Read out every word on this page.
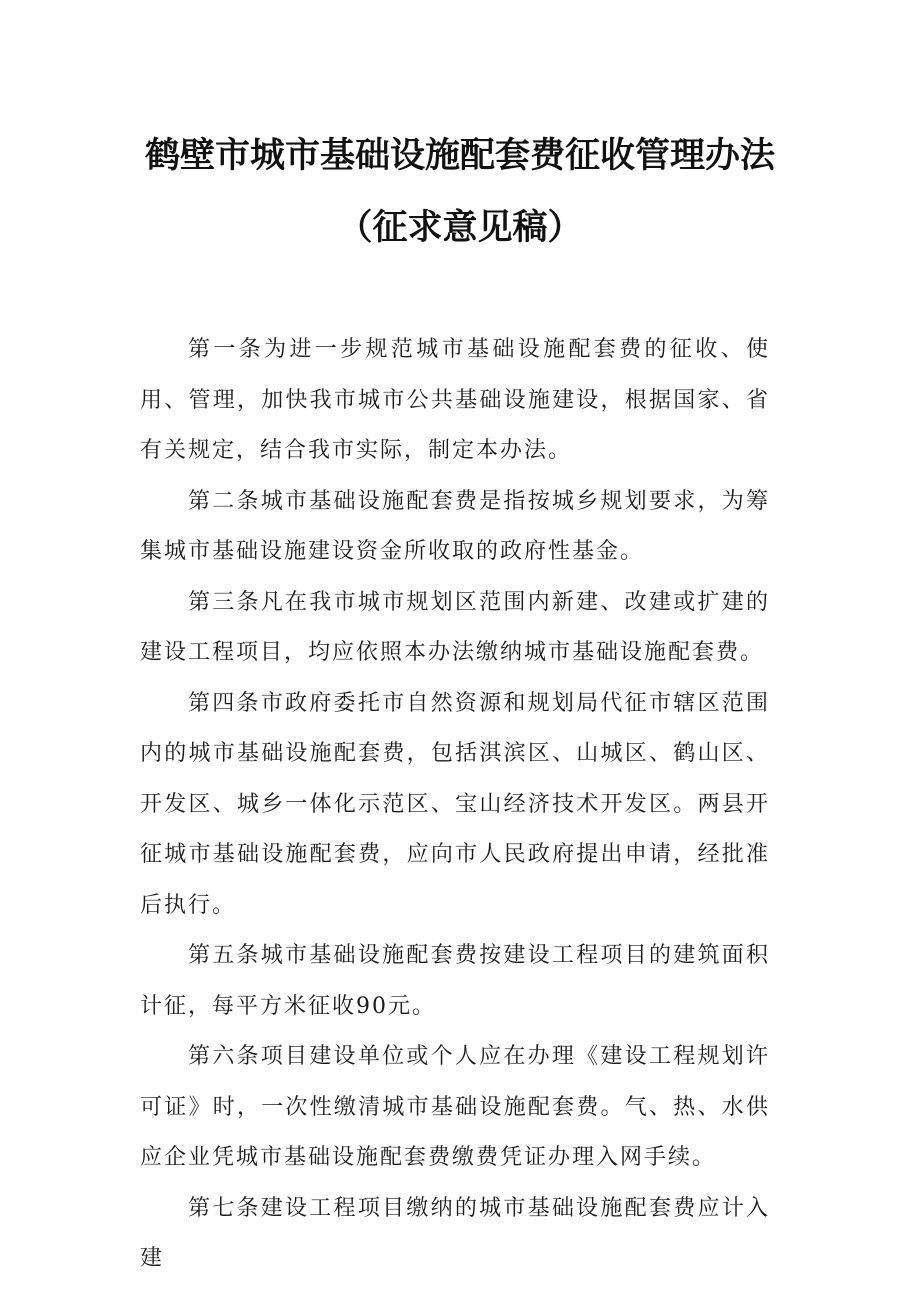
鹤壁市城市基础设施配套费征收管理办法
（征求意见稿）

第一条为进一步规范城市基础设施配套费的征收、使用、管理，加快我市城市公共基础设施建设，根据国家、省有关规定，结合我市实际，制定本办法。

第二条城市基础设施配套费是指按城乡规划要求，为筹集城市基础设施建设资金所收取的政府性基金。

第三条凡在我市城市规划区范围内新建、改建或扩建的建设工程项目，均应依照本办法缴纳城市基础设施配套费。

第四条市政府委托市自然资源和规划局代征市辖区范围内的城市基础设施配套费，包括淇滨区、山城区、鹤山区、开发区、城乡一体化示范区、宝山经济技术开发区。两县开征城市基础设施配套费，应向市人民政府提出申请，经批准后执行。

第五条城市基础设施配套费按建设工程项目的建筑面积计征，每平方米征收90元。

第六条项目建设单位或个人应在办理《建设工程规划许可证》时，一次性缴清城市基础设施配套费。气、热、水供应企业凭城市基础设施配套费缴费凭证办理入网手续。

第七条建设工程项目缴纳的城市基础设施配套费应计入建
